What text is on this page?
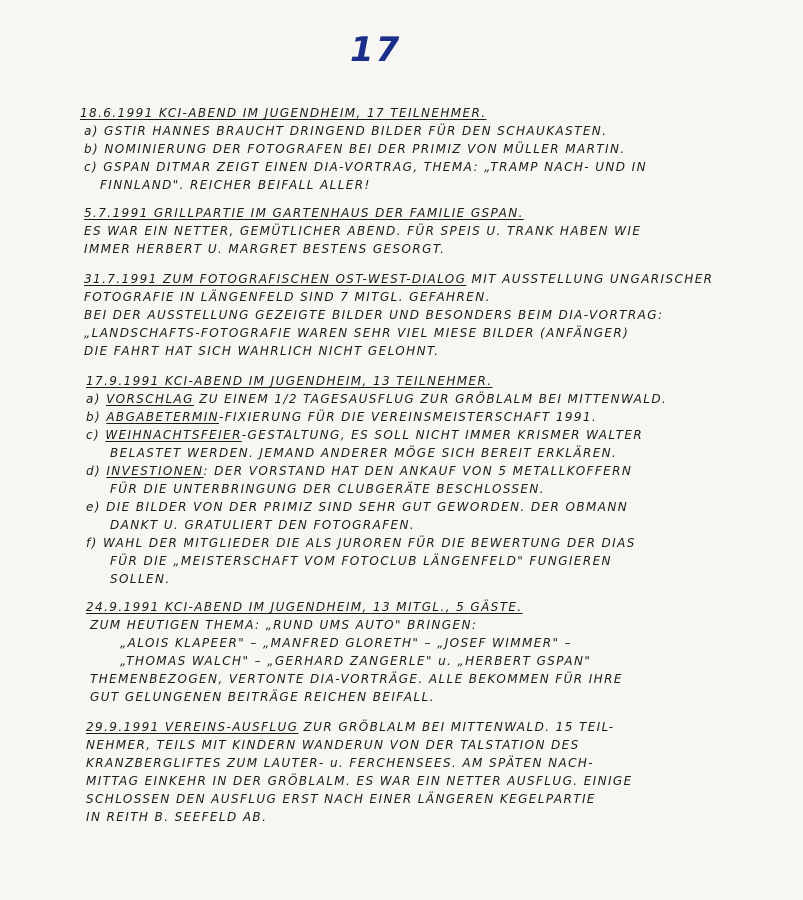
17
18.6.1991 KCI-ABEND IM JUGENDHEIM, 17 TEILNEHMER.
a) GSTIR HANNES BRAUCHT DRINGEND BILDER FÜR DEN SCHAUKASTEN.
b) NOMINIERUNG DER FOTOGRAFEN BEI DER PRIMIZ VON MÜLLER MARTIN.
c) GSPAN DITMAR ZEIGT EINEN DIA-VORTRAG, THEMA: „TRAMP NACH- UND IN
FINNLAND". REICHER BEIFALL ALLER!
5.7.1991 GRILLPARTIE IM GARTENHAUS DER FAMILIE GSPAN.
ES WAR EIN NETTER, GEMÜTLICHER ABEND. FÜR SPEIS U. TRANK HABEN WIE
IMMER HERBERT U. MARGRET BESTENS GESORGT.
31.7.1991 ZUM FOTOGRAFISCHEN OST-WEST-DIALOG MIT AUSSTELLUNG UNGARISCHER
FOTOGRAFIE IN LÄNGENFELD SIND 7 MITGL. GEFAHREN.
BEI DER AUSSTELLUNG GEZEIGTE BILDER UND BESONDERS BEIM DIA-VORTRAG:
„LANDSCHAFTS-FOTOGRAFIE WAREN SEHR VIEL MIESE BILDER (ANFÄNGER)
DIE FAHRT HAT SICH WAHRLICH NICHT GELOHNT.
17.9.1991 KCI-ABEND IM JUGENDHEIM, 13 TEILNEHMER.
a) VORSCHLAG ZU EINEM 1/2 TAGESAUSFLUG ZUR GRÖBLALM BEI MITTENWALD.
b) ABGABETERMIN-FIXIERUNG FÜR DIE VEREINSMEISTERSCHAFT 1991.
c) WEIHNACHTSFEIER-GESTALTUNG, ES SOLL NICHT IMMER KRISMER WALTER
BELASTET WERDEN. JEMAND ANDERER MÖGE SICH BEREIT ERKLÄREN.
d) INVESTIONEN: DER VORSTAND HAT DEN ANKAUF VON 5 METALLKOFFERN
FÜR DIE UNTERBRINGUNG DER CLUBGERÄTE BESCHLOSSEN.
e) DIE BILDER VON DER PRIMIZ SIND SEHR GUT GEWORDEN. DER OBMANN
DANKT U. GRATULIERT DEN FOTOGRAFEN.
f) WAHL DER MITGLIEDER DIE ALS JUROREN FÜR DIE BEWERTUNG DER DIAS
FÜR DIE „MEISTERSCHAFT VOM FOTOCLUB LÄNGENFELD" FUNGIEREN
SOLLEN.
24.9.1991 KCI-ABEND IM JUGENDHEIM, 13 MITGL., 5 GÄSTE.
ZUM HEUTIGEN THEMA: „RUND UMS AUTO" BRINGEN:
„ALOIS KLAPEER" – „MANFRED GLORETH" – „JOSEF WIMMER" –
„THOMAS WALCH" – „GERHARD ZANGERLE" u. „HERBERT GSPAN"
THEMENBEZOGEN, VERTONTE DIA-VORTRÄGE. ALLE BEKOMMEN FÜR IHRE
GUT GELUNGENEN BEITRÄGE REICHEN BEIFALL.
29.9.1991 VEREINS-AUSFLUG ZUR GRÖBLALM BEI MITTENWALD. 15 TEIL-
NEHMER, TEILS MIT KINDERN WANDERUN VON DER TALSTATION DES
KRANZBERGLIFTES ZUM LAUTER- u. FERCHENSEES. AM SPÄTEN NACH-
MITTAG EINKEHR IN DER GRÖBLALM. ES WAR EIN NETTER AUSFLUG. EINIGE
SCHLOSSEN DEN AUSFLUG ERST NACH EINER LÄNGEREN KEGELPARTIE
IN REITH B. SEEFELD AB.
